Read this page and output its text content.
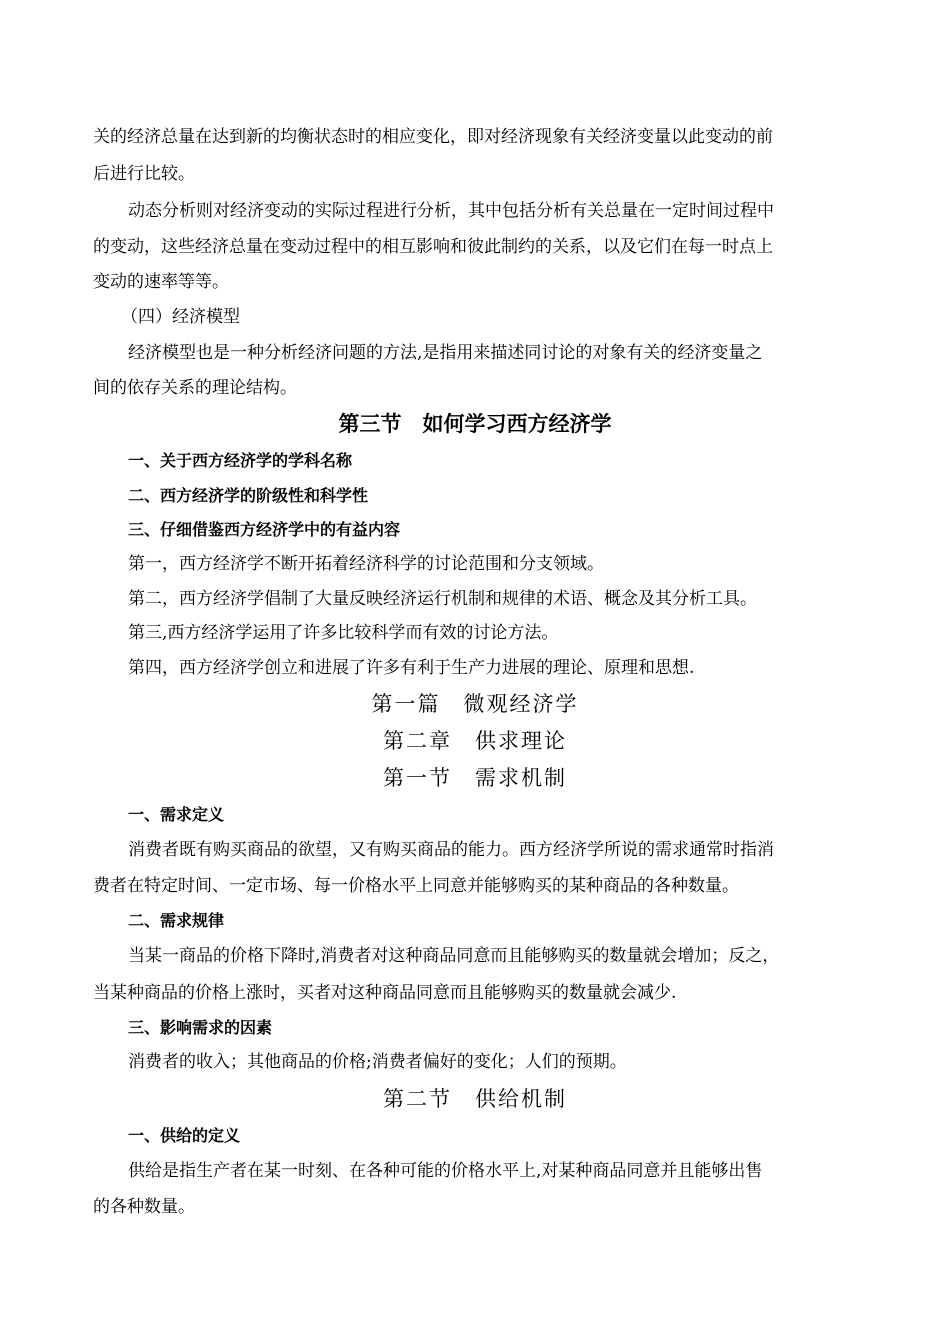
关的经济总量在达到新的均衡状态时的相应变化，即对经济现象有关经济变量以此变动的前
后进行比较。
动态分析则对经济变动的实际过程进行分析，其中包括分析有关总量在一定时间过程中
的变动，这些经济总量在变动过程中的相互影响和彼此制约的关系，以及它们在每一时点上
变动的速率等等。
（四）经济模型
经济模型也是一种分析经济问题的方法,是指用来描述同讨论的对象有关的经济变量之
间的依存关系的理论结构。
第三节　如何学习西方经济学
一、关于西方经济学的学科名称
二、西方经济学的阶级性和科学性
三、仔细借鉴西方经济学中的有益内容
第一，西方经济学不断开拓着经济科学的讨论范围和分支领域。
第二，西方经济学倡制了大量反映经济运行机制和规律的术语、概念及其分析工具。
第三,西方经济学运用了许多比较科学而有效的讨论方法。
第四，西方经济学创立和进展了许多有利于生产力进展的理论、原理和思想.
第一篇　微观经济学
第二章　供求理论
第一节　需求机制
一、需求定义
消费者既有购买商品的欲望，又有购买商品的能力。西方经济学所说的需求通常时指消
费者在特定时间、一定市场、每一价格水平上同意并能够购买的某种商品的各种数量。
二、需求规律
当某一商品的价格下降时,消费者对这种商品同意而且能够购买的数量就会增加；反之，
当某种商品的价格上涨时，买者对这种商品同意而且能够购买的数量就会减少.
三、影响需求的因素
消费者的收入；其他商品的价格;消费者偏好的变化；人们的预期。
第二节　供给机制
一、供给的定义
供给是指生产者在某一时刻、在各种可能的价格水平上,对某种商品同意并且能够出售
的各种数量。
